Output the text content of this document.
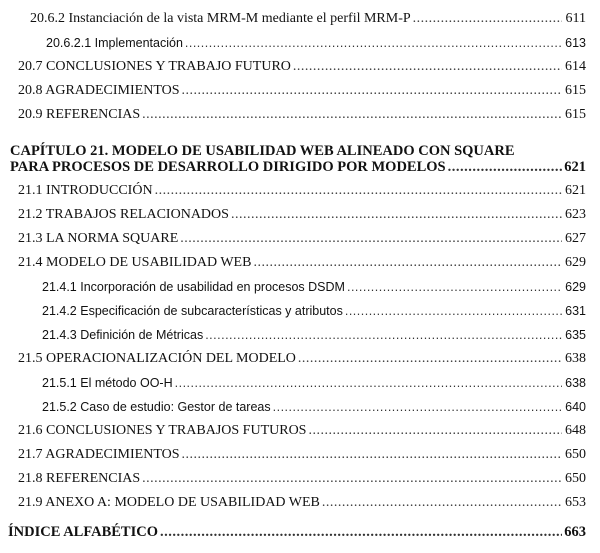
20.6.2 Instanciación de la vista MRM-M mediante el perfil MRM-P .....	611
20.6.2.1 Implementación .....	613
20.7 CONCLUSIONES Y TRABAJO FUTURO .....	614
20.8 AGRADECIMIENTOS .....	615
20.9 REFERENCIAS .....	615
CAPÍTULO 21. MODELO DE USABILIDAD WEB ALINEADO CON SQUARE
PARA PROCESOS DE DESARROLLO DIRIGIDO POR MODELOS .....	621
21.1 INTRODUCCIÓN .....	621
21.2 TRABAJOS RELACIONADOS .....	623
21.3 LA NORMA SQUARE .....	627
21.4 MODELO DE USABILIDAD WEB .....	629
21.4.1 Incorporación de usabilidad en procesos DSDM .....	629
21.4.2 Especificación de subcaracterísticas y atributos .....	631
21.4.3 Definición de Métricas .....	635
21.5 OPERACIONALIZACIÓN DEL MODELO .....	638
21.5.1 El método OO-H .....	638
21.5.2 Caso de estudio: Gestor de tareas .....	640
21.6 CONCLUSIONES Y TRABAJOS FUTUROS .....	648
21.7 AGRADECIMIENTOS .....	650
21.8 REFERENCIAS .....	650
21.9 ANEXO A: MODELO DE USABILIDAD WEB .....	653
ÍNDICE ALFABÉTICO .....	663
